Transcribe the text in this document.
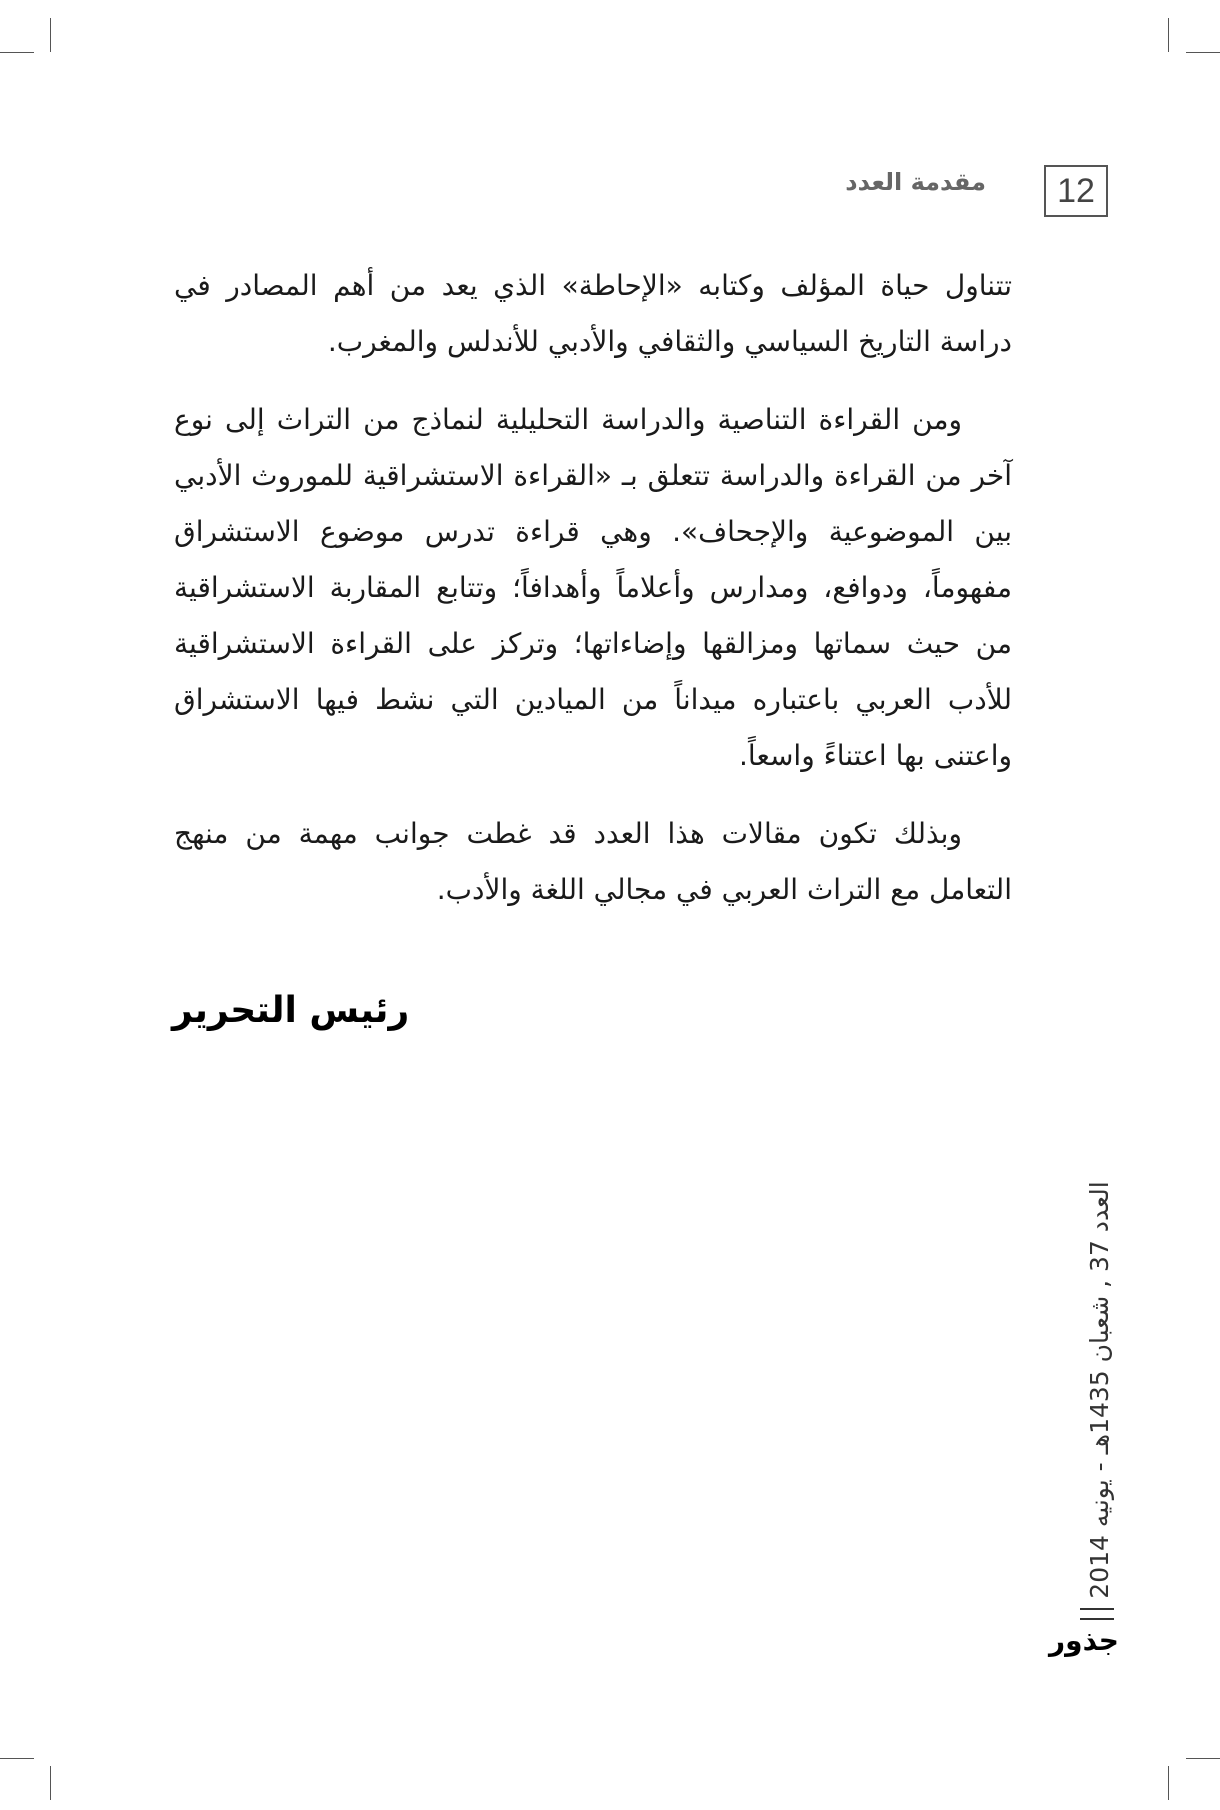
12
مقدمة العدد

تتناول حياة المؤلف وكتابه «الإحاطة» الذي يعد من أهم المصادر في دراسة التاريخ السياسي والثقافي والأدبي للأندلس والمغرب.

ومن القراءة التناصية والدراسة التحليلية لنماذج من التراث إلى نوع آخر من القراءة والدراسة تتعلق بـ «القراءة الاستشراقية للموروث الأدبي بين الموضوعية والإجحاف». وهي قراءة تدرس موضوع الاستشراق مفهوماً، ودوافع، ومدارس وأعلاماً وأهدافاً؛ وتتابع المقاربة الاستشراقية من حيث سماتها ومزالقها وإضاءاتها؛ وتركز على القراءة الاستشراقية للأدب العربي باعتباره ميداناً من الميادين التي نشط فيها الاستشراق واعتنى بها اعتناءً واسعاً.

وبذلك تكون مقالات هذا العدد قد غطت جوانب مهمة من منهج التعامل مع التراث العربي في مجالي اللغة والأدب.

رئيس التحرير
العدد 37 , شعبان 1435هـ - يونيه 2014
جذور
